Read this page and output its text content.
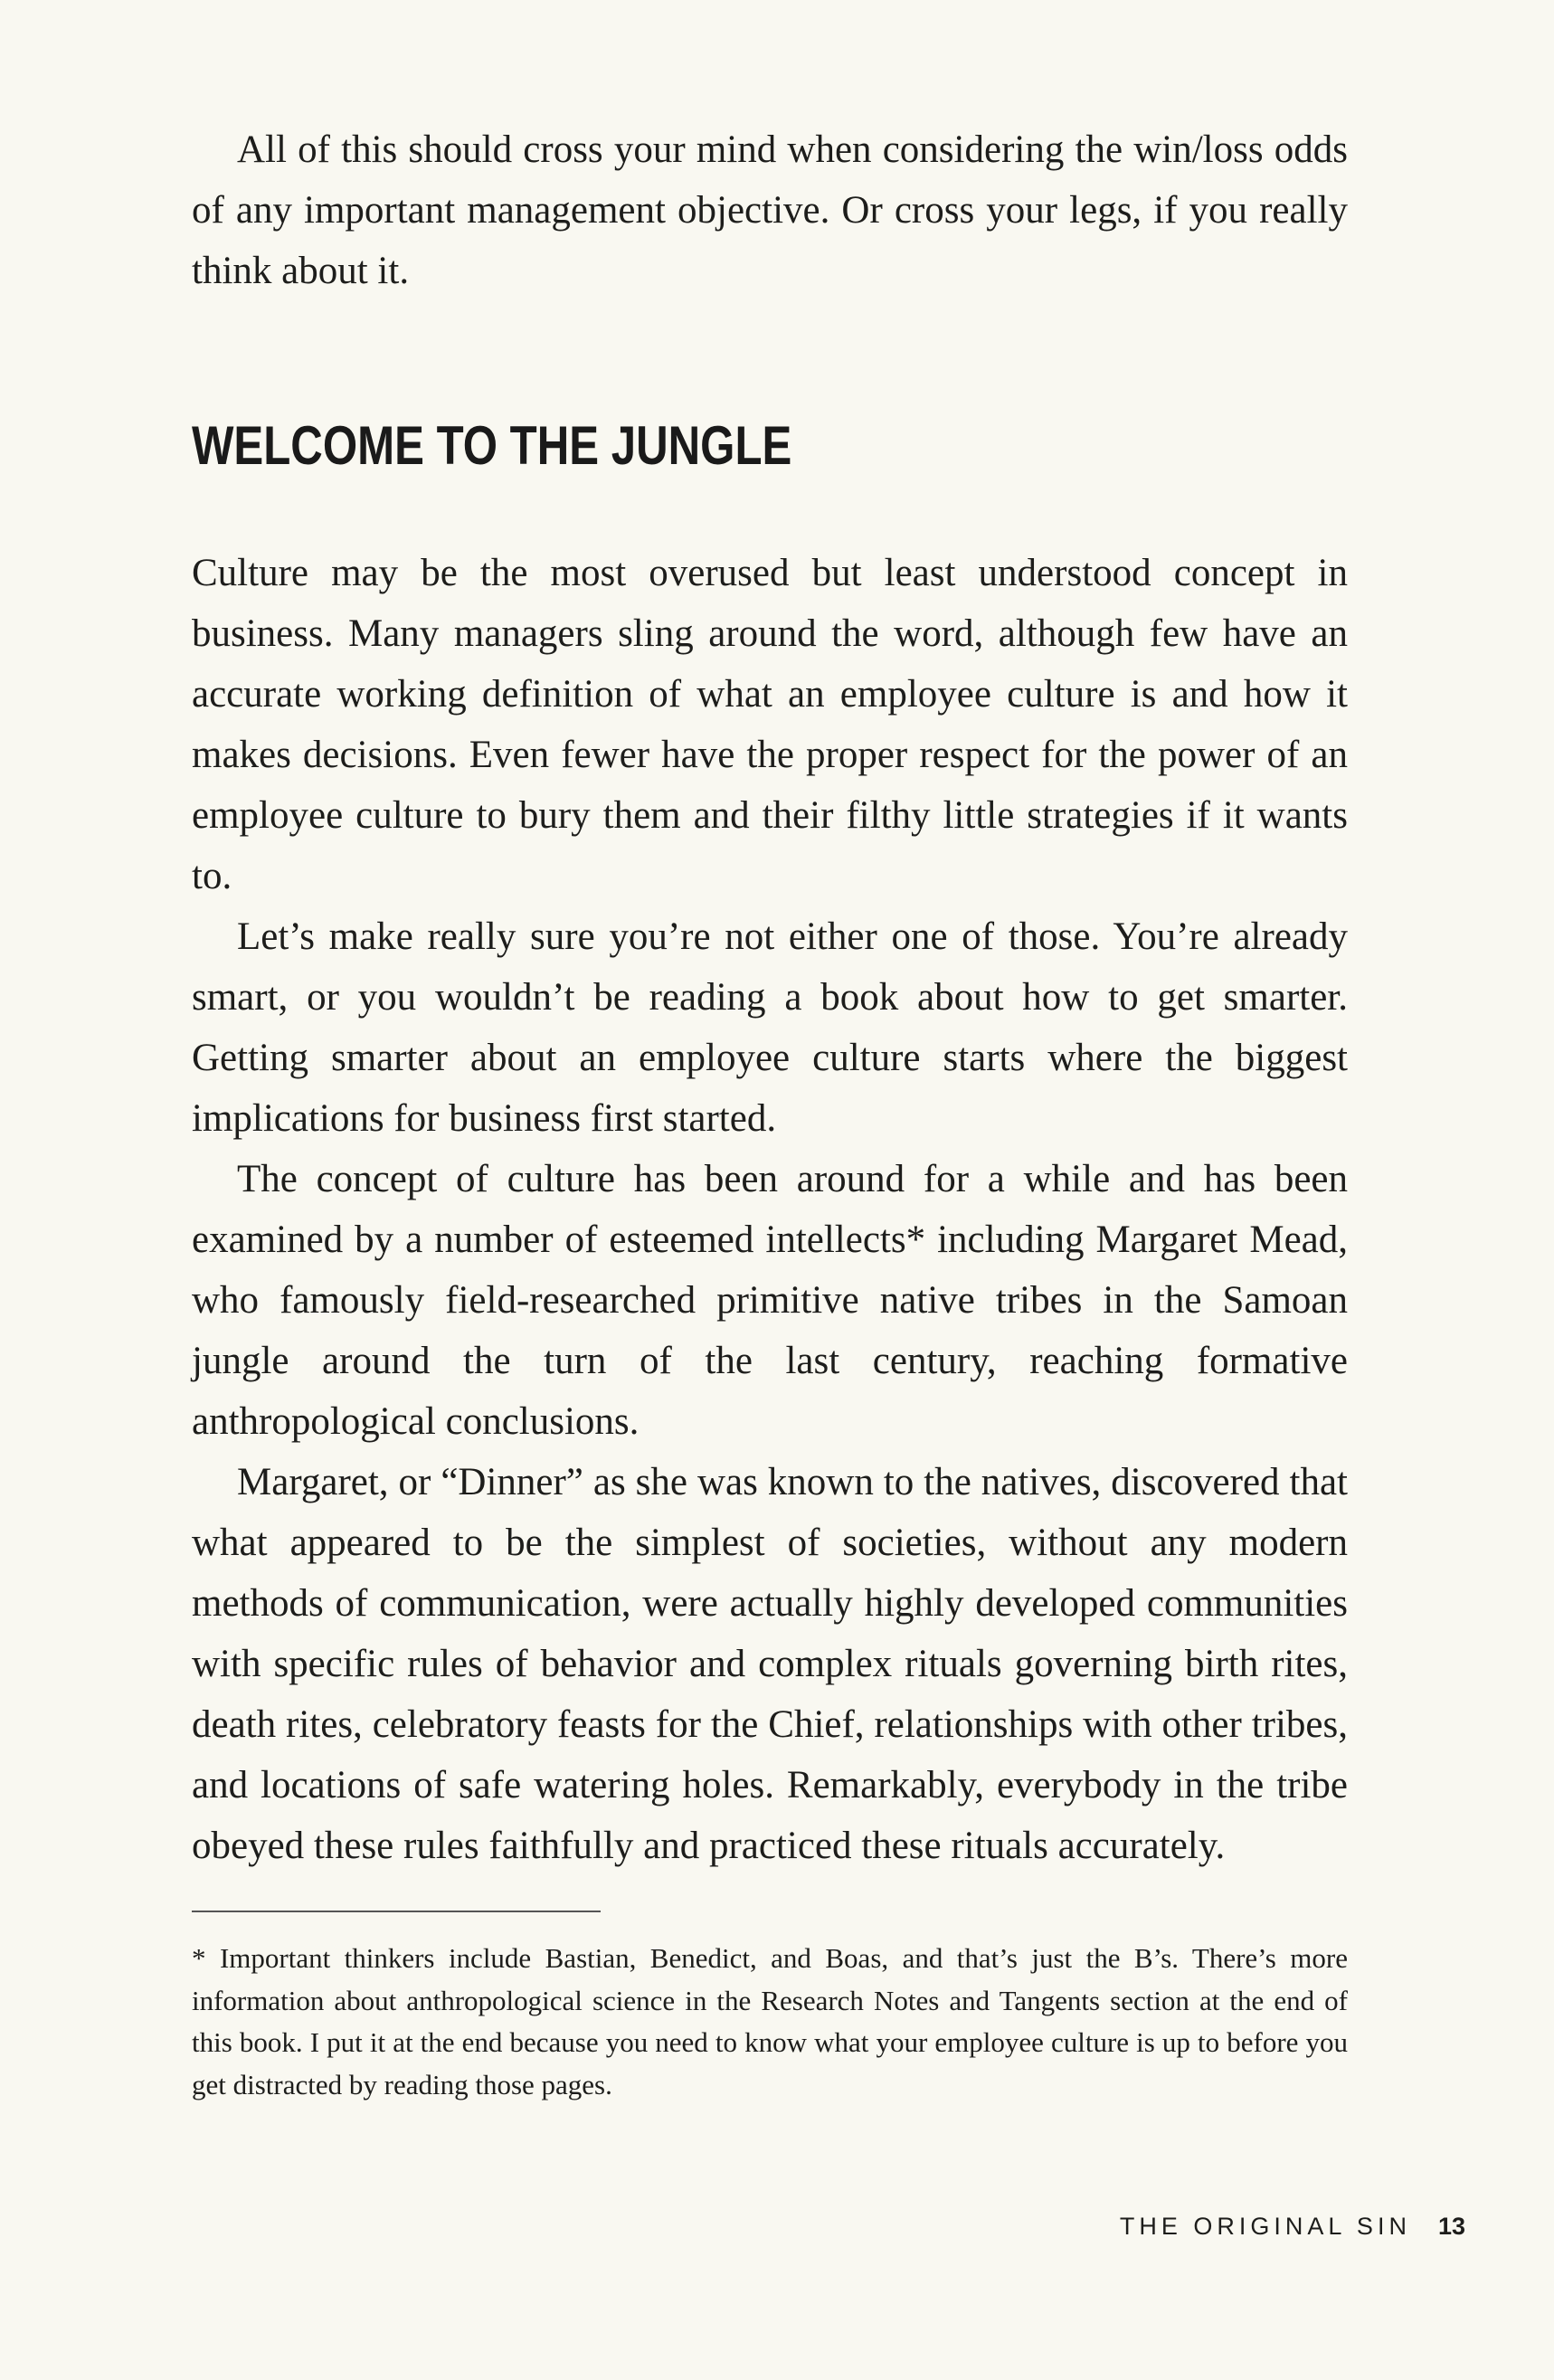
All of this should cross your mind when considering the win/loss odds of any important management objective. Or cross your legs, if you really think about it.

WELCOME TO THE JUNGLE

Culture may be the most overused but least understood concept in business. Many managers sling around the word, although few have an accurate working definition of what an employee culture is and how it makes decisions. Even fewer have the proper respect for the power of an employee culture to bury them and their filthy little strategies if it wants to.

Let’s make really sure you’re not either one of those. You’re already smart, or you wouldn’t be reading a book about how to get smarter. Getting smarter about an employee culture starts where the biggest implications for business first started.

The concept of culture has been around for a while and has been examined by a number of esteemed intellects* including Margaret Mead, who famously field-researched primitive native tribes in the Samoan jungle around the turn of the last century, reaching formative anthropological conclusions.

Margaret, or “Dinner” as she was known to the natives, discovered that what appeared to be the simplest of societies, without any modern methods of communication, were actually highly developed communities with specific rules of behavior and complex rituals governing birth rites, death rites, celebratory feasts for the Chief, relationships with other tribes, and locations of safe watering holes. Remarkably, everybody in the tribe obeyed these rules faithfully and practiced these rituals accurately.

* Important thinkers include Bastian, Benedict, and Boas, and that’s just the B’s. There’s more information about anthropological science in the Research Notes and Tangents section at the end of this book. I put it at the end because you need to know what your employee culture is up to before you get distracted by reading those pages.

THE ORIGINAL SIN 13
